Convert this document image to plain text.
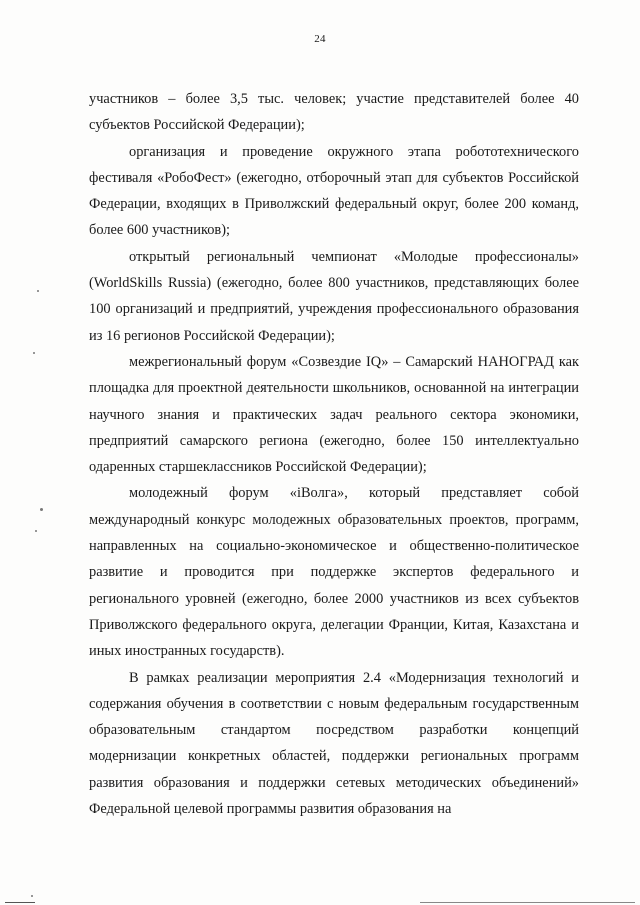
24

участников – более 3,5 тыс. человек; участие представителей более 40 субъектов Российской Федерации);

организация и проведение окружного этапа робототехнического фестиваля «РобоФест» (ежегодно, отборочный этап для субъектов Российской Федерации, входящих в Приволжский федеральный округ, более 200 команд, более 600 участников);

открытый региональный чемпионат «Молодые профессионалы» (WorldSkills Russia) (ежегодно, более 800 участников, представляющих более 100 организаций и предприятий, учреждения профессионального образования из 16 регионов Российской Федерации);

межрегиональный форум «Созвездие IQ» – Самарский НАНОГРАД как площадка для проектной деятельности школьников, основанной на интеграции научного знания и практических задач реального сектора экономики, предприятий самарского региона (ежегодно, более 150 интеллектуально одаренных старшеклассников Российской Федерации);

молодежный форум «iВолга», который представляет собой международный конкурс молодежных образовательных проектов, программ, направленных на социально-экономическое и общественно-политическое развитие и проводится при поддержке экспертов федерального и регионального уровней (ежегодно, более 2000 участников из всех субъектов Приволжского федерального округа, делегации Франции, Китая, Казахстана и иных иностранных государств).

В рамках реализации мероприятия 2.4 «Модернизация технологий и содержания обучения в соответствии с новым федеральным государственным образовательным стандартом посредством разработки концепций модернизации конкретных областей, поддержки региональных программ развития образования и поддержки сетевых методических объединений» Федеральной целевой программы развития образования на
